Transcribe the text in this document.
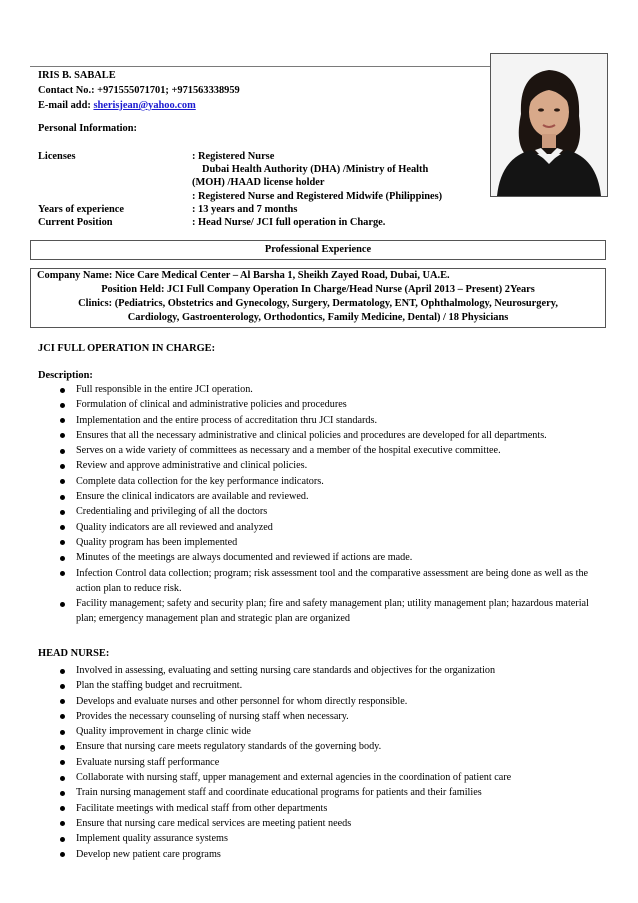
IRIS B. SABALE
Contact No.: +971555071701; +971563338959
E-mail add: sherisjean@yahoo.com
Personal Information:
Licenses	: Registered Nurse
Dubai Health Authority (DHA) /Ministry of Health
(MOH) /HAAD license holder
: Registered Nurse and Registered Midwife (Philippines)
Years of experience	: 13 years and 7 months
Current Position	: Head Nurse/ JCI full operation in Charge.
Professional Experience
Company Name: Nice Care Medical Center – Al Barsha 1, Sheikh Zayed Road, Dubai, UA.E.
Position Held: JCI Full Company Operation In Charge/Head Nurse (April 2013 – Present) 2Years
Clinics: (Pediatrics, Obstetrics and Gynecology, Surgery, Dermatology, ENT, Ophthalmology, Neurosurgery,
Cardiology, Gastroenterology, Orthodontics, Family Medicine, Dental) / 18 Physicians
JCI FULL OPERATION IN CHARGE:
Description:
Full responsible in the entire JCI operation.
Formulation of clinical and administrative policies and procedures
Implementation and the entire process of accreditation thru JCI standards.
Ensures that all the necessary administrative and clinical policies and procedures are developed for all departments.
Serves on a wide variety of committees as necessary and a member of the hospital executive committee.
Review and approve administrative and clinical policies.
Complete data collection for the key performance indicators.
Ensure the clinical indicators are available and reviewed.
Credentialing and privileging of all the doctors
Quality indicators are all reviewed and analyzed
Quality program has been implemented
Minutes of the meetings are always documented and reviewed if actions are made.
Infection Control data collection; program; risk assessment tool and the comparative assessment are being done as well as the action plan to reduce risk.
Facility management; safety and security plan; fire and safety management plan; utility management plan; hazardous material plan; emergency management plan and strategic plan are organized
HEAD NURSE:
Involved in assessing, evaluating and setting nursing care standards and objectives for the organization
Plan the staffing budget and recruitment.
Develops and evaluate nurses and other personnel for whom directly responsible.
Provides the necessary counseling of nursing staff when necessary.
Quality improvement in charge clinic wide
Ensure that nursing care meets regulatory standards of the governing body.
Evaluate nursing staff performance
Collaborate with nursing staff, upper management and external agencies in the coordination of patient care
Train nursing management staff and coordinate educational programs for patients and their families
Facilitate meetings with medical staff from other departments
Ensure that nursing care medical services are meeting patient needs
Implement quality assurance systems
Develop new patient care programs
